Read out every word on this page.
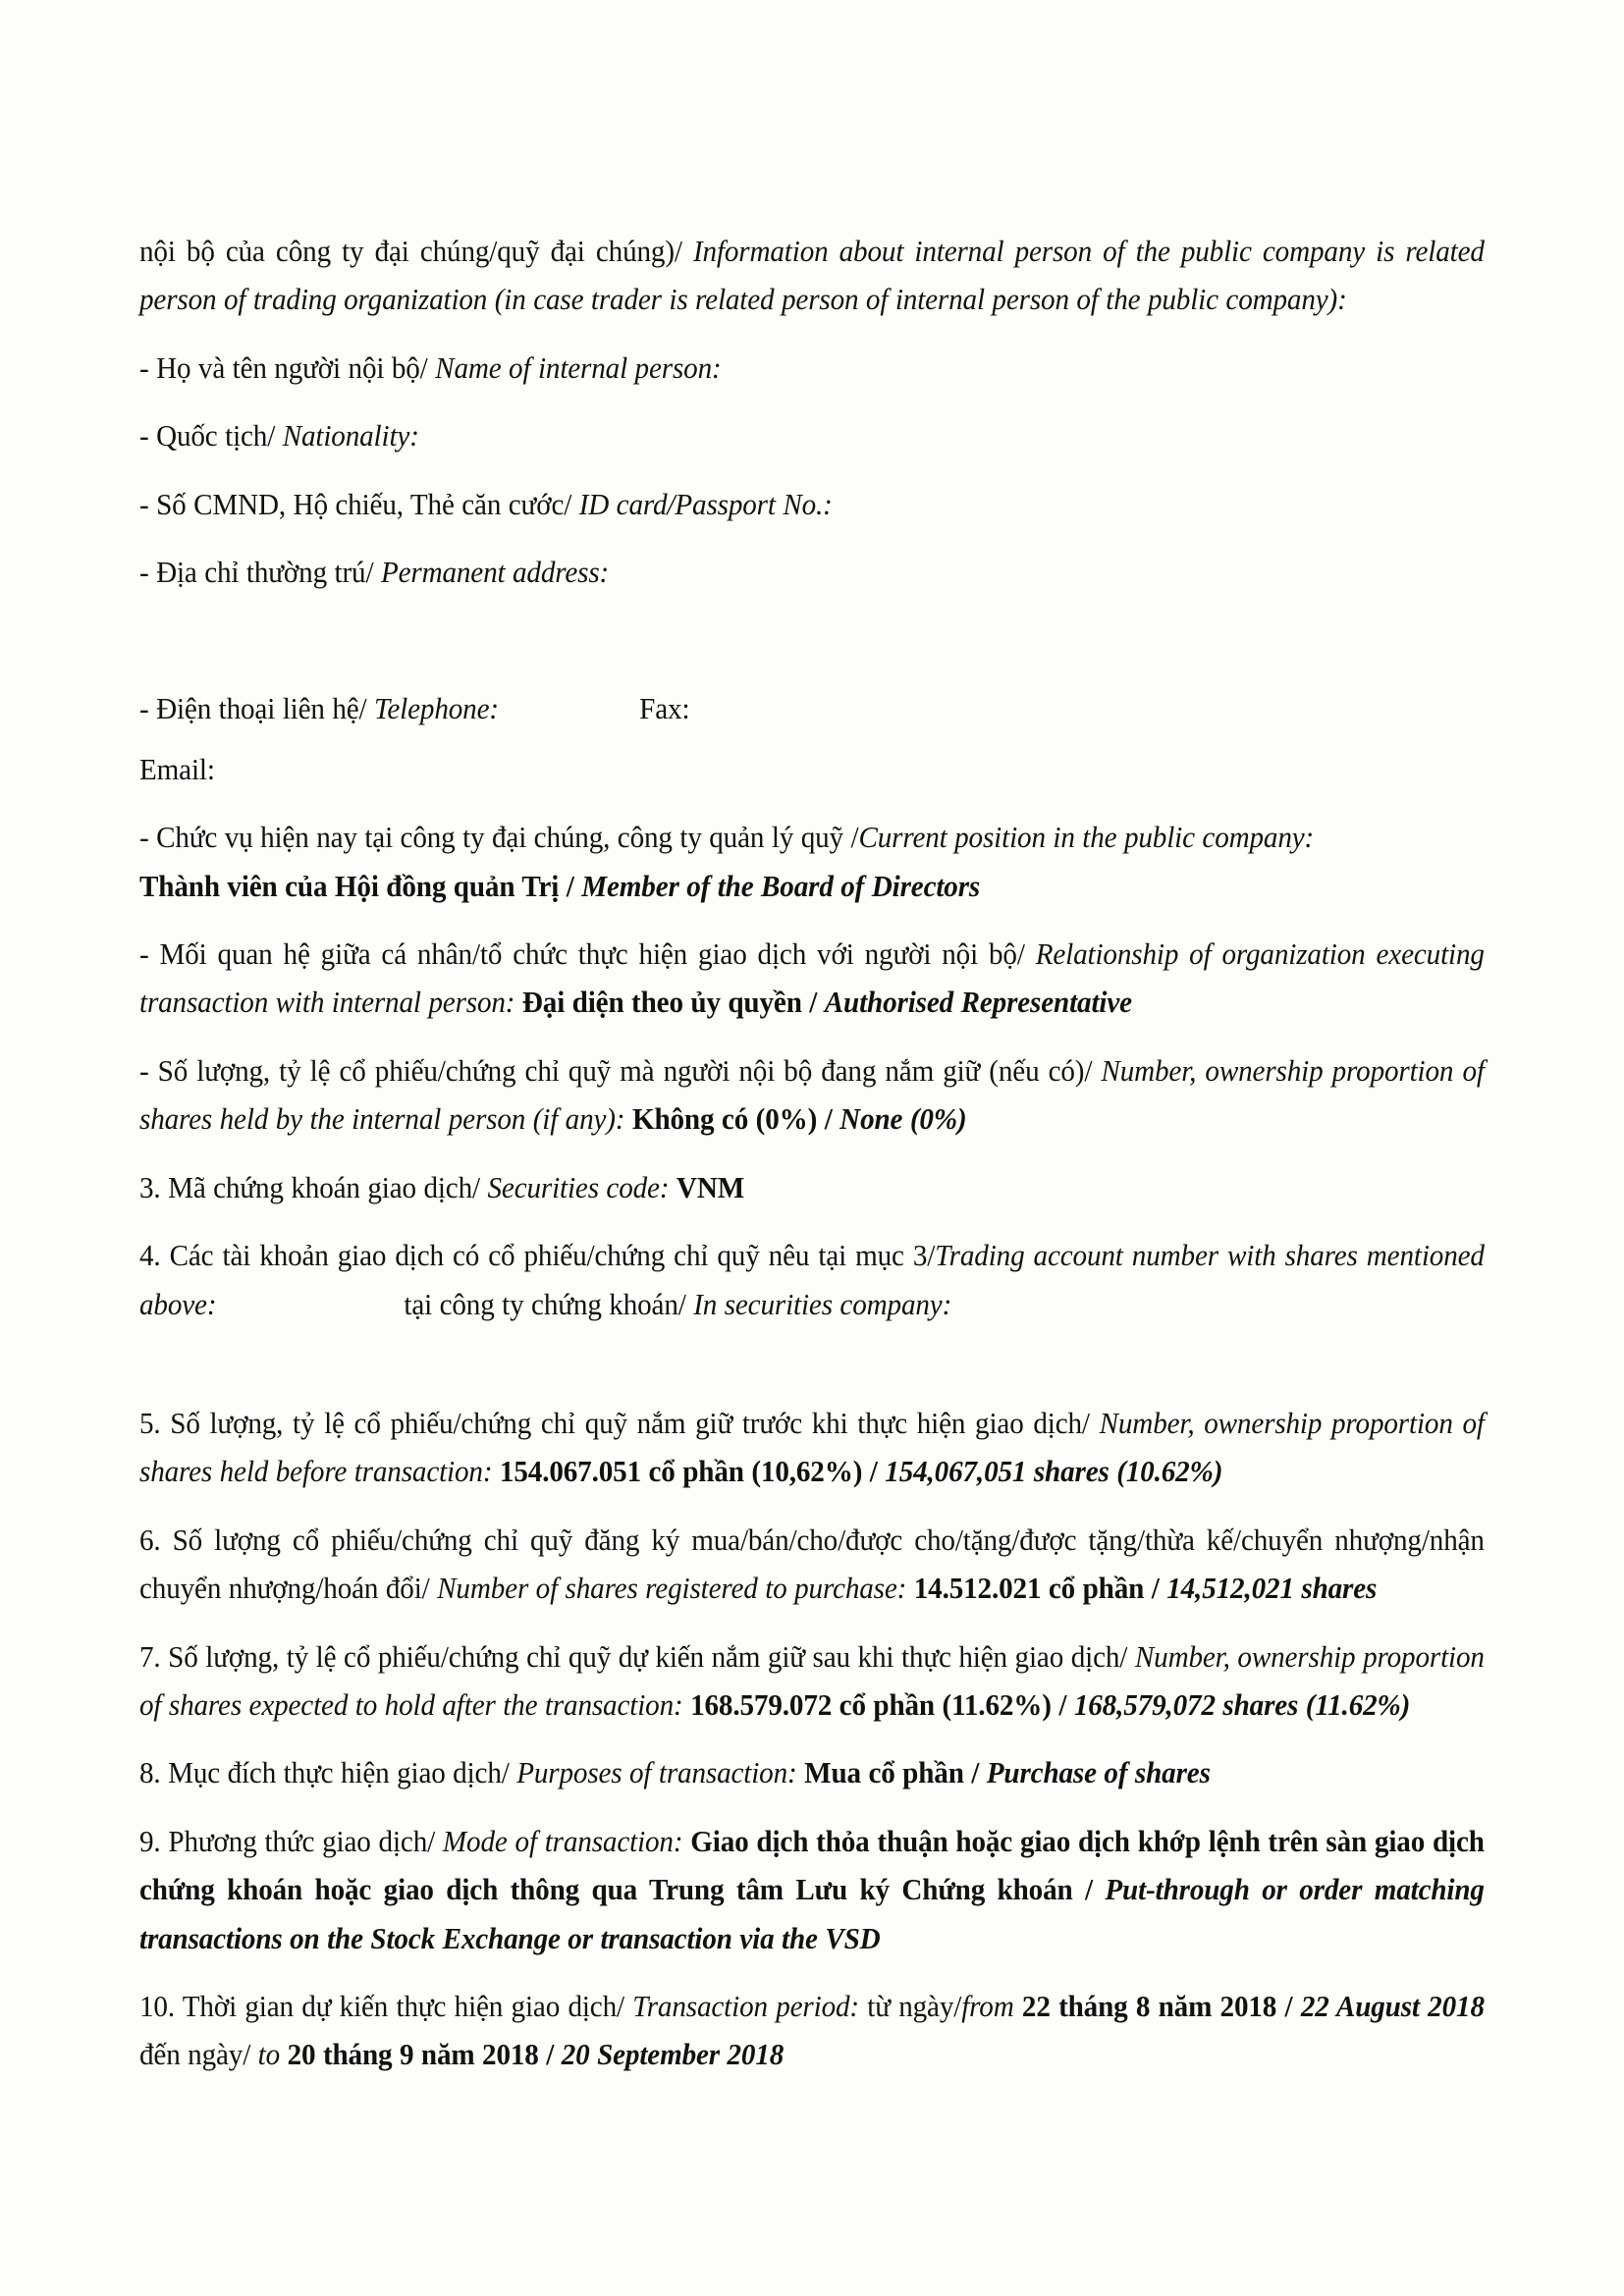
nội bộ của công ty đại chúng/quỹ đại chúng)/ Information about internal person of the public company is related person of trading organization (in case trader is related person of internal person of the public company):

- Họ và tên người nội bộ/ Name of internal person:

- Quốc tịch/ Nationality:

- Số CMND, Hộ chiếu, Thẻ căn cước/ ID card/Passport No.:

- Địa chỉ thường trú/ Permanent address:

- Điện thoại liên hệ/ Telephone:	Fax:

Email:

- Chức vụ hiện nay tại công ty đại chúng, công ty quản lý quỹ /Current position in the public company:
Thành viên của Hội đồng quản Trị / Member of the Board of Directors

- Mối quan hệ giữa cá nhân/tổ chức thực hiện giao dịch với người nội bộ/ Relationship of organization executing transaction with internal person: Đại diện theo ủy quyền / Authorised Representative

- Số lượng, tỷ lệ cổ phiếu/chứng chỉ quỹ mà người nội bộ đang nắm giữ (nếu có)/ Number, ownership proportion of shares held by the internal person (if any): Không có (0%) / None (0%)

3. Mã chứng khoán giao dịch/ Securities code: VNM

4. Các tài khoản giao dịch có cổ phiếu/chứng chỉ quỹ nêu tại mục 3/Trading account number with shares mentioned above:	tại công ty chứng khoán/ In securities company:

5. Số lượng, tỷ lệ cổ phiếu/chứng chỉ quỹ nắm giữ trước khi thực hiện giao dịch/ Number, ownership proportion of shares held before transaction: 154.067.051 cổ phần (10,62%) / 154,067,051 shares (10.62%)

6. Số lượng cổ phiếu/chứng chỉ quỹ đăng ký mua/bán/cho/được cho/tặng/được tặng/thừa kế/chuyển nhượng/nhận chuyển nhượng/hoán đổi/ Number of shares registered to purchase: 14.512.021 cổ phần / 14,512,021 shares

7. Số lượng, tỷ lệ cổ phiếu/chứng chỉ quỹ dự kiến nắm giữ sau khi thực hiện giao dịch/ Number, ownership proportion of shares expected to hold after the transaction: 168.579.072 cổ phần (11.62%) / 168,579,072 shares (11.62%)

8. Mục đích thực hiện giao dịch/ Purposes of transaction: Mua cổ phần / Purchase of shares

9. Phương thức giao dịch/ Mode of transaction: Giao dịch thỏa thuận hoặc giao dịch khớp lệnh trên sàn giao dịch chứng khoán hoặc giao dịch thông qua Trung tâm Lưu ký Chứng khoán / Put-through or order matching transactions on the Stock Exchange or transaction via the VSD

10. Thời gian dự kiến thực hiện giao dịch/ Transaction period: từ ngày/from 22 tháng 8 năm 2018 / 22 August 2018 đến ngày/ to 20 tháng 9 năm 2018 / 20 September 2018
